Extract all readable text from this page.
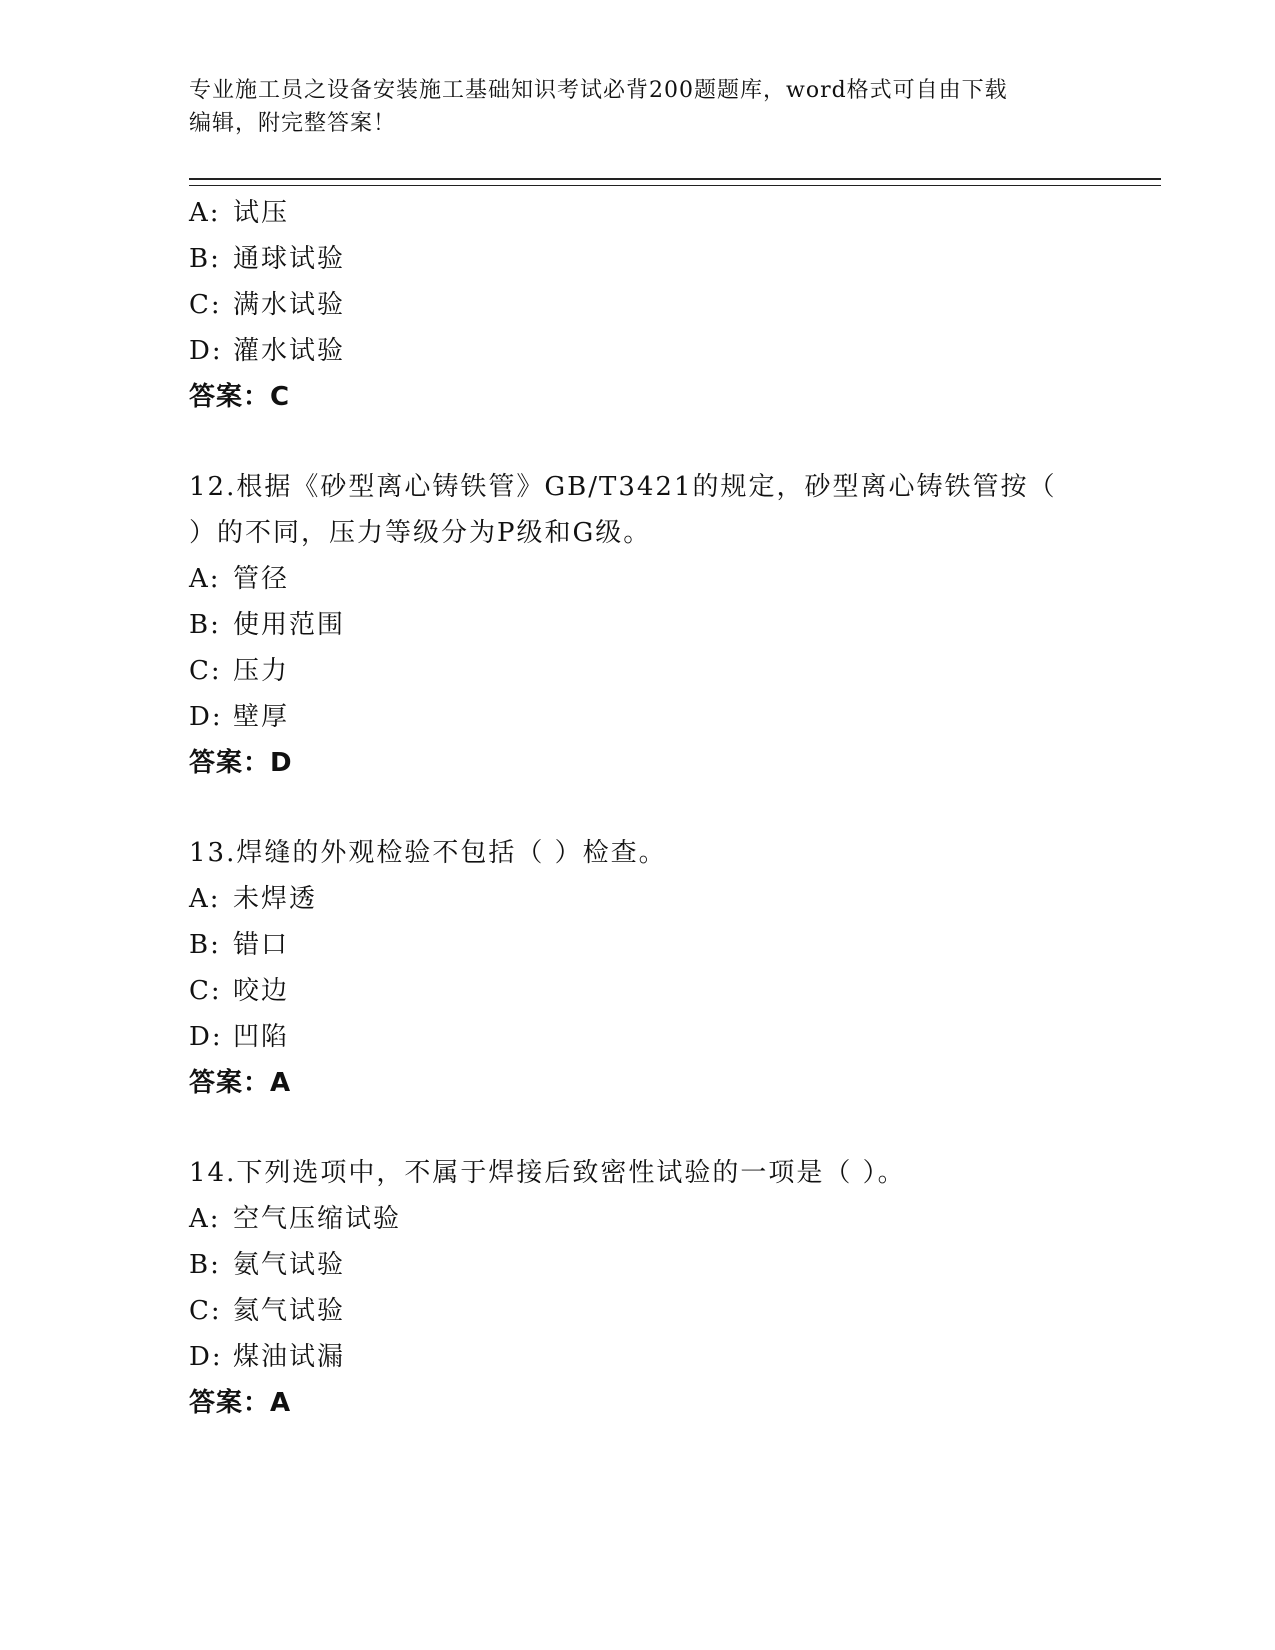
专业施工员之设备安装施工基础知识考试必背200题题库，word格式可自由下载
编辑，附完整答案！
A: 试压
B: 通球试验
C: 满水试验
D: 灌水试验
答案：C
12.根据《砂型离心铸铁管》GB/T3421的规定，砂型离心铸铁管按（
）的不同，压力等级分为P级和G级。
A: 管径
B: 使用范围
C: 压力
D: 壁厚
答案：D
13.焊缝的外观检验不包括（ ）检查。
A: 未焊透
B: 错口
C: 咬边
D: 凹陷
答案：A
14.下列选项中，不属于焊接后致密性试验的一项是（ ）。
A: 空气压缩试验
B: 氨气试验
C: 氦气试验
D: 煤油试漏
答案：A
